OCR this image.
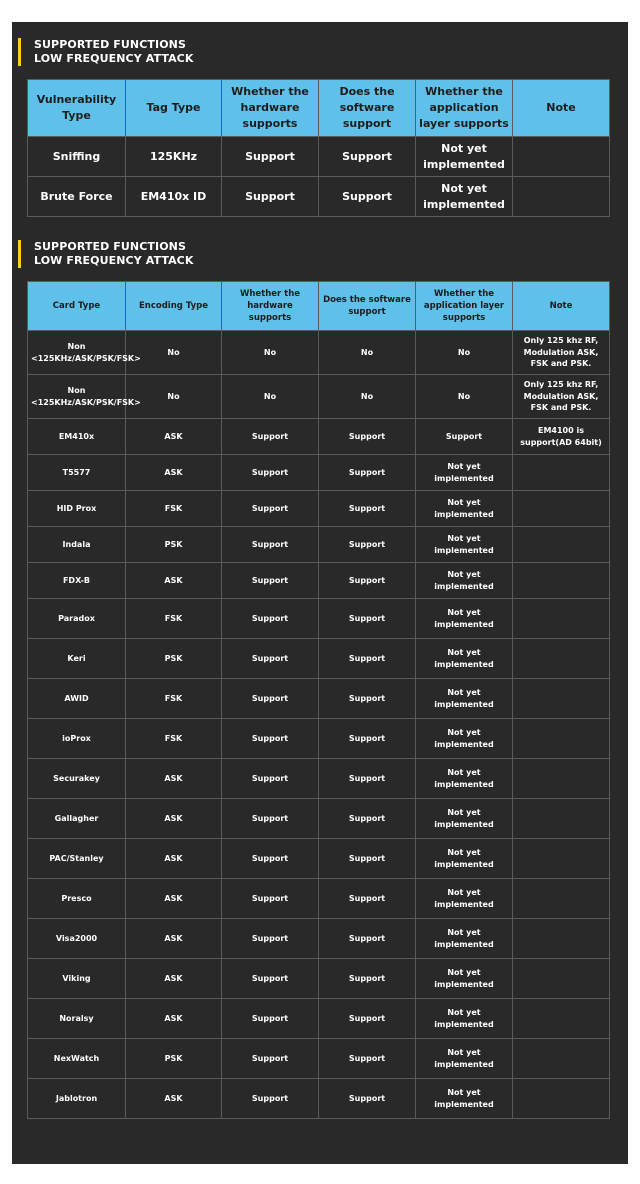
SUPPORTED FUNCTIONS
LOW FREQUENCY ATTACK
Vulnerability Type	Tag Type	Whether the hardware supports	Does the software support	Whether the application layer supports	Note
Sniffing	125KHz	Support	Support	Not yet implemented	
Brute Force	EM410x ID	Support	Support	Not yet implemented	
SUPPORTED FUNCTIONS
LOW FREQUENCY ATTACK
Card Type	Encoding Type	Whether the hardware supports	Does the software support	Whether the application layer supports	Note
Non <125KHz/ASK/PSK/FSK>	No	No	No	No	Only 125 khz RF, Modulation ASK, FSK and PSK.
Non <125KHz/ASK/PSK/FSK>	No	No	No	No	Only 125 khz RF, Modulation ASK, FSK and PSK.
EM410x	ASK	Support	Support	Support	EM4100 is support(AD 64bit)
T5577	ASK	Support	Support	Not yet implemented	
HID Prox	FSK	Support	Support	Not yet implemented	
Indala	PSK	Support	Support	Not yet implemented	
FDX-B	ASK	Support	Support	Not yet implemented	
Paradox	FSK	Support	Support	Not yet implemented	
Keri	PSK	Support	Support	Not yet implemented	
AWID	FSK	Support	Support	Not yet implemented	
ioProx	FSK	Support	Support	Not yet implemented	
Securakey	ASK	Support	Support	Not yet implemented	
Gallagher	ASK	Support	Support	Not yet implemented	
PAC/Stanley	ASK	Support	Support	Not yet implemented	
Presco	ASK	Support	Support	Not yet implemented	
Visa2000	ASK	Support	Support	Not yet implemented	
Viking	ASK	Support	Support	Not yet implemented	
Noralsy	ASK	Support	Support	Not yet implemented	
NexWatch	PSK	Support	Support	Not yet implemented	
Jablotron	ASK	Support	Support	Not yet implemented	
